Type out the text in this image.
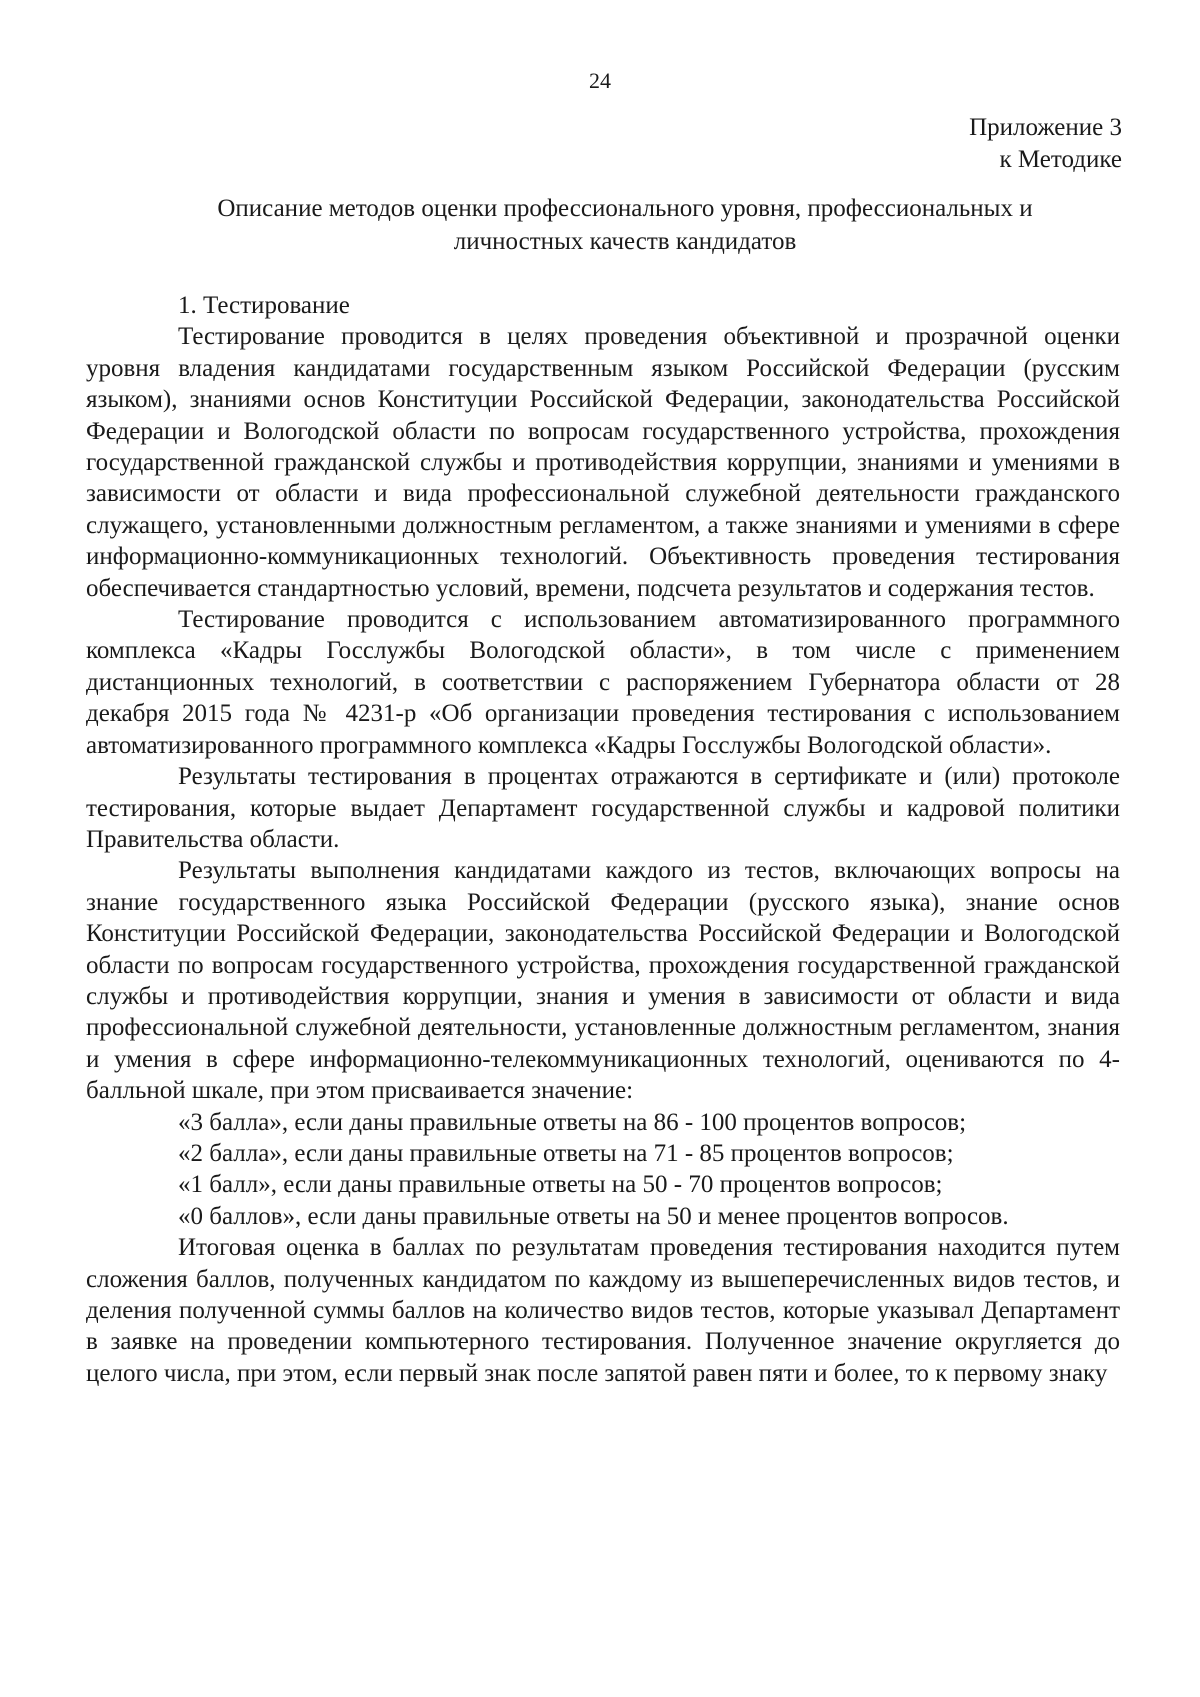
24
Приложение 3
к Методике
Описание методов оценки профессионального уровня, профессиональных и личностных качеств кандидатов

1. Тестирование

Тестирование проводится в целях проведения объективной и прозрачной оценки уровня владения кандидатами государственным языком Российской Федерации (русским языком), знаниями основ Конституции Российской Федерации, законодательства Российской Федерации и Вологодской области по вопросам государственного устройства, прохождения государственной гражданской службы и противодействия коррупции, знаниями и умениями в зависимости от области и вида профессиональной служебной деятельности гражданского служащего, установленными должностным регламентом, а также знаниями и умениями в сфере информационно-коммуникационных технологий. Объективность проведения тестирования обеспечивается стандартностью условий, времени, подсчета результатов и содержания тестов.

Тестирование проводится с использованием автоматизированного программного комплекса «Кадры Госслужбы Вологодской области», в том числе с применением дистанционных технологий, в соответствии с распоряжением Губернатора области от 28 декабря 2015 года № 4231-р «Об организации проведения тестирования с использованием автоматизированного программного комплекса «Кадры Госслужбы Вологодской области».

Результаты тестирования в процентах отражаются в сертификате и (или) протоколе тестирования, которые выдает Департамент государственной службы и кадровой политики Правительства области.

Результаты выполнения кандидатами каждого из тестов, включающих вопросы на знание государственного языка Российской Федерации (русского языка), знание основ Конституции Российской Федерации, законодательства Российской Федерации и Вологодской области по вопросам государственного устройства, прохождения государственной гражданской службы и противодействия коррупции, знания и умения в зависимости от области и вида профессиональной служебной деятельности, установленные должностным регламентом, знания и умения в сфере информационно-телекоммуникационных технологий, оцениваются по 4-балльной шкале, при этом присваивается значение:

«3 балла», если даны правильные ответы на 86 - 100 процентов вопросов;
«2 балла», если даны правильные ответы на 71 - 85 процентов вопросов;
«1 балл», если даны правильные ответы на 50 - 70 процентов вопросов;
«0 баллов», если даны правильные ответы на 50 и менее процентов вопросов.

Итоговая оценка в баллах по результатам проведения тестирования находится путем сложения баллов, полученных кандидатом по каждому из вышеперечисленных видов тестов, и деления полученной суммы баллов на количество видов тестов, которые указывал Департамент в заявке на проведении компьютерного тестирования. Полученное значение округляется до целого числа, при этом, если первый знак после запятой равен пяти и более, то к первому знаку
